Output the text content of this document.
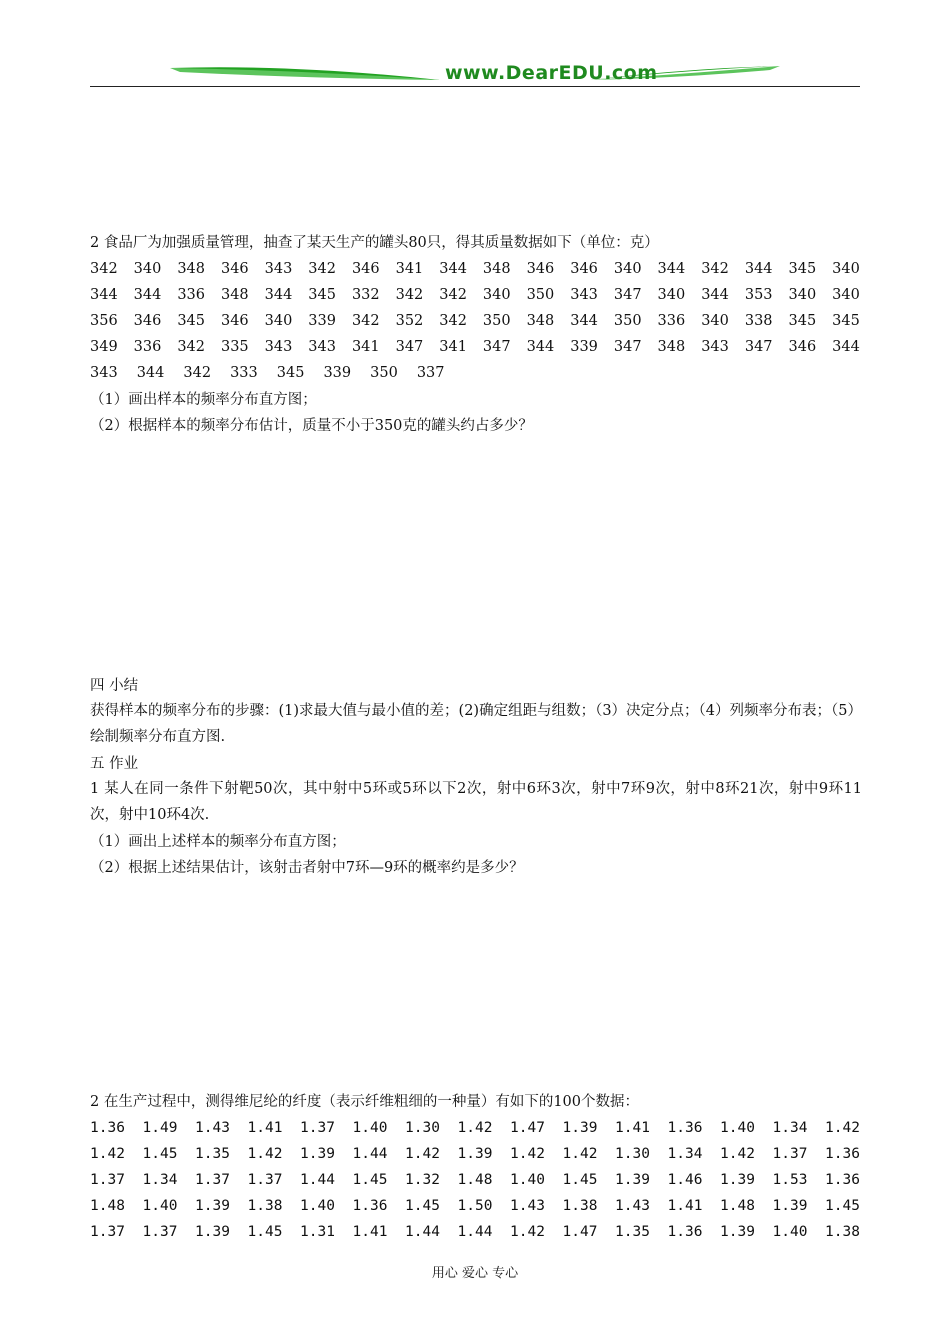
www.DearEDU.com
2 食品厂为加强质量管理，抽查了某天生产的罐头80只，得其质量数据如下（单位：克）
342 340 348 346 343 342 346 341 344 348 346 346 340 344 342 344 345 340
344 344 336 348 344 345 332 342 342 340 350 343 347 340 344 353 340 340
356 346 345 346 340 339 342 352 342 350 348 344 350 336 340 338 345 345
349 336 342 335 343 343 341 347 341 347 344 339 347 348 343 347 346 344
343 344 342 333 345 339 350 337
（1）画出样本的频率分布直方图；
（2）根据样本的频率分布估计，质量不小于350克的罐头约占多少？
四 小结
获得样本的频率分布的步骤：(1)求最大值与最小值的差；(2)确定组距与组数；（3）决定分点；（4）列频率分布表；（5）绘制频率分布直方图.
五 作业
1 某人在同一条件下射靶50次，其中射中5环或5环以下2次，射中6环3次，射中7环9次，射中8环21次，射中9环11次，射中10环4次.
（1）画出上述样本的频率分布直方图；
（2）根据上述结果估计，该射击者射中7环—9环的概率约是多少？
2 在生产过程中，测得维尼纶的纤度（表示纤维粗细的一种量）有如下的100个数据：
1.36 1.49 1.43 1.41 1.37 1.40 1.30 1.42 1.47 1.39 1.41 1.36 1.40 1.34 1.42
1.42 1.45 1.35 1.42 1.39 1.44 1.42 1.39 1.42 1.42 1.30 1.34 1.42 1.37 1.36
1.37 1.34 1.37 1.37 1.44 1.45 1.32 1.48 1.40 1.45 1.39 1.46 1.39 1.53 1.36
1.48 1.40 1.39 1.38 1.40 1.36 1.45 1.50 1.43 1.38 1.43 1.41 1.48 1.39 1.45
1.37 1.37 1.39 1.45 1.31 1.41 1.44 1.44 1.42 1.47 1.35 1.36 1.39 1.40 1.38
用心 爱心 专心
